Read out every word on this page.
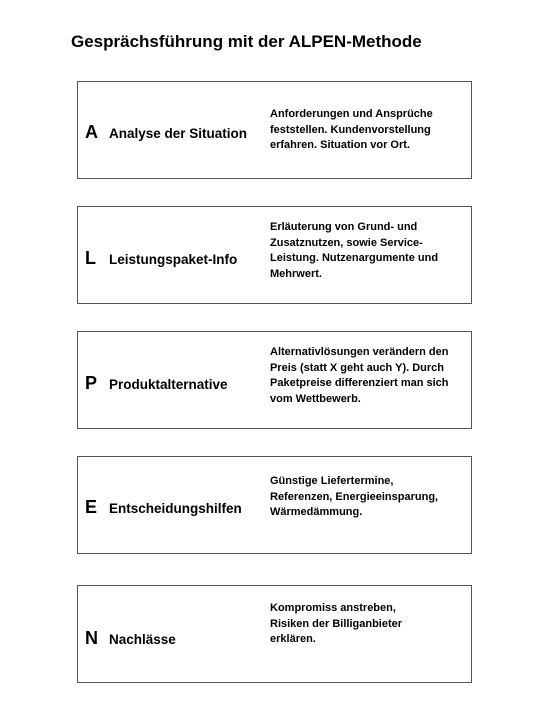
Gesprächsführung mit der ALPEN-Methode
A Analyse der Situation
Anforderungen und Ansprüche
feststellen. Kundenvorstellung
erfahren. Situation vor Ort.
L Leistungspaket-Info
Erläuterung von Grund- und
Zusatznutzen, sowie Service-
Leistung. Nutzenargumente und
Mehrwert.
P Produktalternative
Alternativlösungen verändern den
Preis (statt X geht auch Y). Durch
Paketpreise differenziert man sich
vom Wettbewerb.
E Entscheidungshilfen
Günstige Liefertermine,
Referenzen, Energieeinsparung,
Wärmedämmung.
N Nachlässe
Kompromiss anstreben,
Risiken der Billiganbieter
erklären.
